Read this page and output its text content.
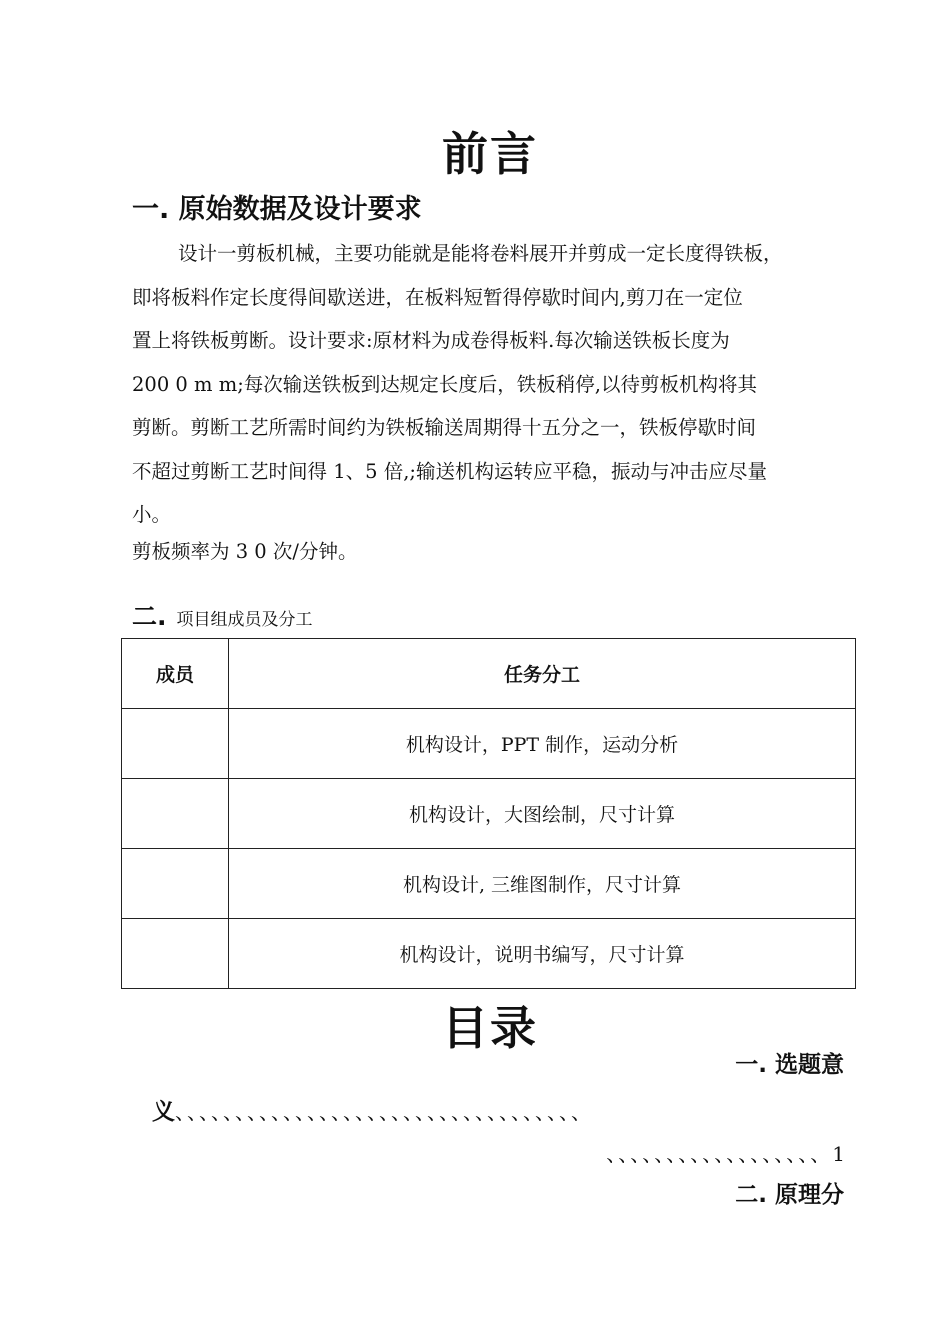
前言
一. 原始数据及设计要求

设计一剪板机械，主要功能就是能将卷料展开并剪成一定长度得铁板，
即将板料作定长度得间歇送进，在板料短暂得停歇时间内,剪刀在一定位
置上将铁板剪断。设计要求:原材料为成卷得板料.每次输送铁板长度为
200 0 m m;每次输送铁板到达规定长度后，铁板稍停,以待剪板机构将其
剪断。剪断工艺所需时间约为铁板输送周期得十五分之一，铁板停歇时间
不超过剪断工艺时间得 1、5 倍,;输送机构运转应平稳，振动与冲击应尽量
小。

剪板频率为 3 0 次/分钟。
二. 项目组成员及分工
成员	任务分工
	机构设计，PPT 制作，运动分析
	机构设计，大图绘制，尺寸计算
	机构设计, 三维图制作，尺寸计算
	机构设计，说明书编写，尺寸计算
目录
一. 选题意
义、、、、、、、、、、、、、、、、、、、、、、、、、、、、、、、、、、
、、、、、、、、、、、、、、、、、、1
二. 原理分
